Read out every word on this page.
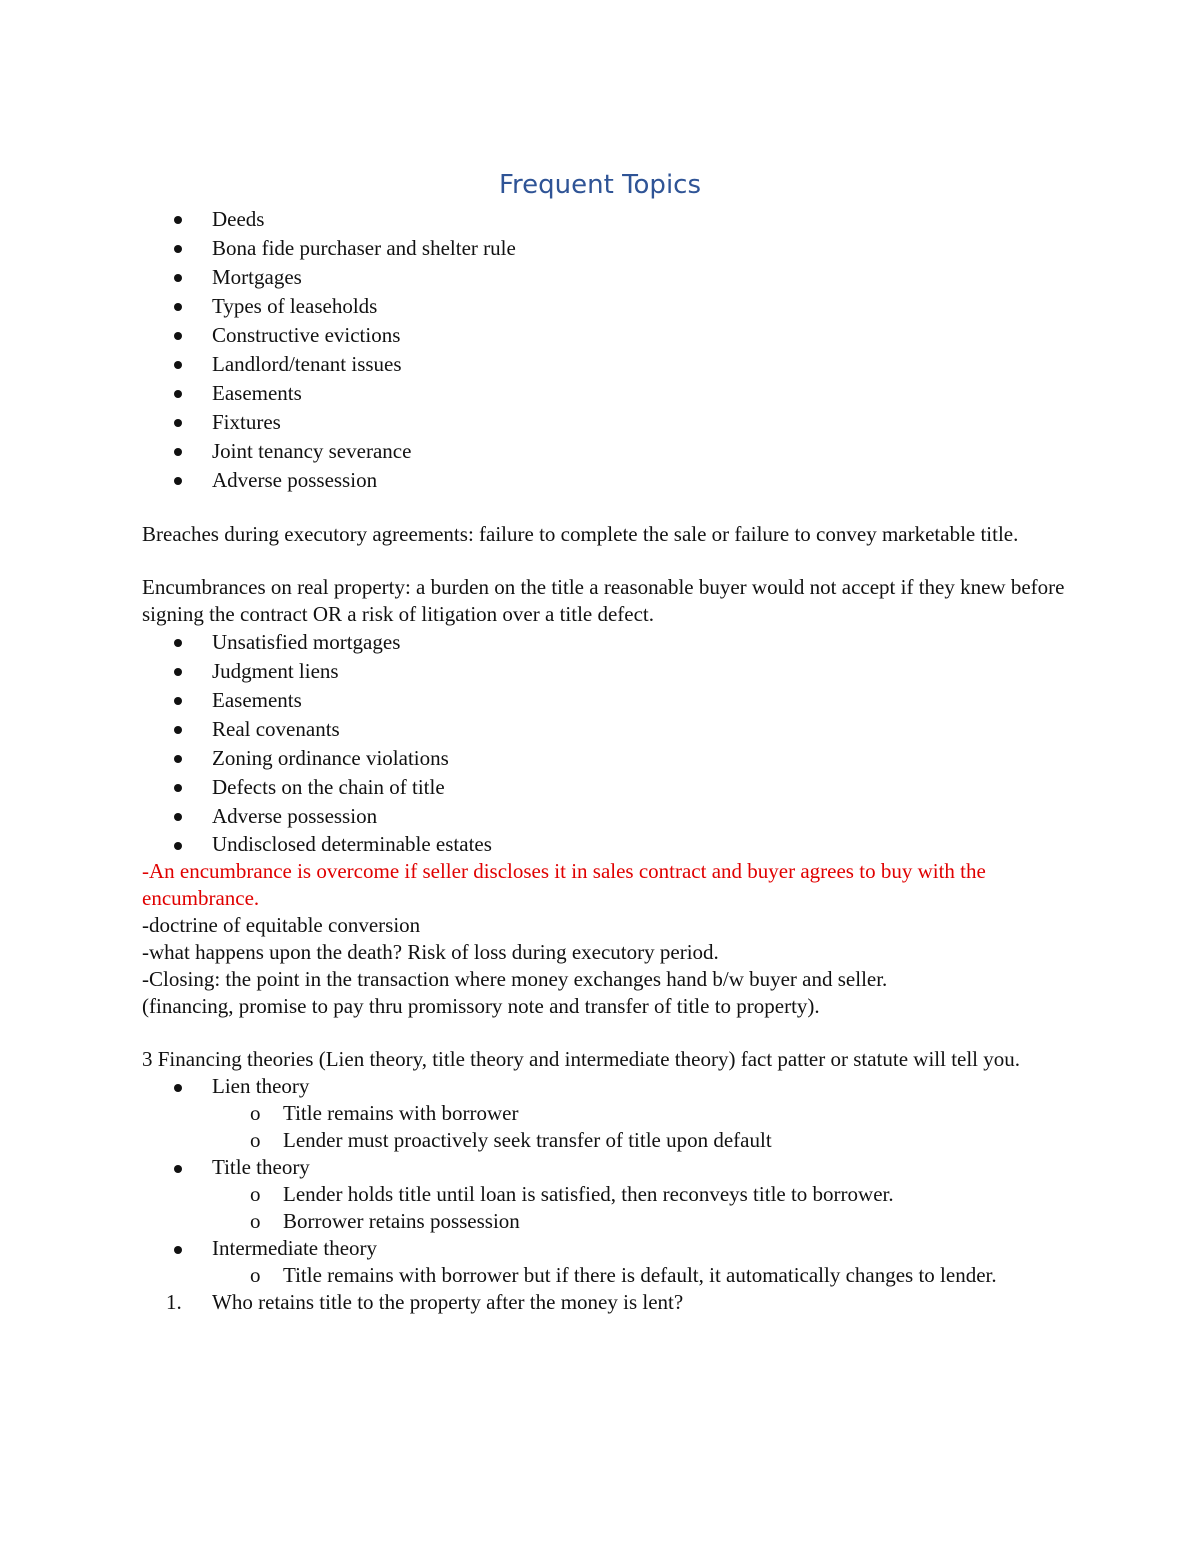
Frequent Topics
Deeds
Bona fide purchaser and shelter rule
Mortgages
Types of leaseholds
Constructive evictions
Landlord/tenant issues
Easements
Fixtures
Joint tenancy severance
Adverse possession
Breaches during executory agreements: failure to complete the sale or failure to convey marketable title.
Encumbrances on real property: a burden on the title a reasonable buyer would not accept if they knew before signing the contract OR a risk of litigation over a title defect.
Unsatisfied mortgages
Judgment liens
Easements
Real covenants
Zoning ordinance violations
Defects on the chain of title
Adverse possession
Undisclosed determinable estates
-An encumbrance is overcome if seller discloses it in sales contract and buyer agrees to buy with the encumbrance.
-doctrine of equitable conversion
-what happens upon the death? Risk of loss during executory period.
-Closing: the point in the transaction where money exchanges hand b/w buyer and seller.
(financing, promise to pay thru promissory note and transfer of title to property).
3 Financing theories (Lien theory, title theory and intermediate theory) fact patter or statute will tell you.
Lien theory
o Title remains with borrower
o Lender must proactively seek transfer of title upon default
Title theory
o Lender holds title until loan is satisfied, then reconveys title to borrower.
o Borrower retains possession
Intermediate theory
o Title remains with borrower but if there is default, it automatically changes to lender.
1. Who retains title to the property after the money is lent?
